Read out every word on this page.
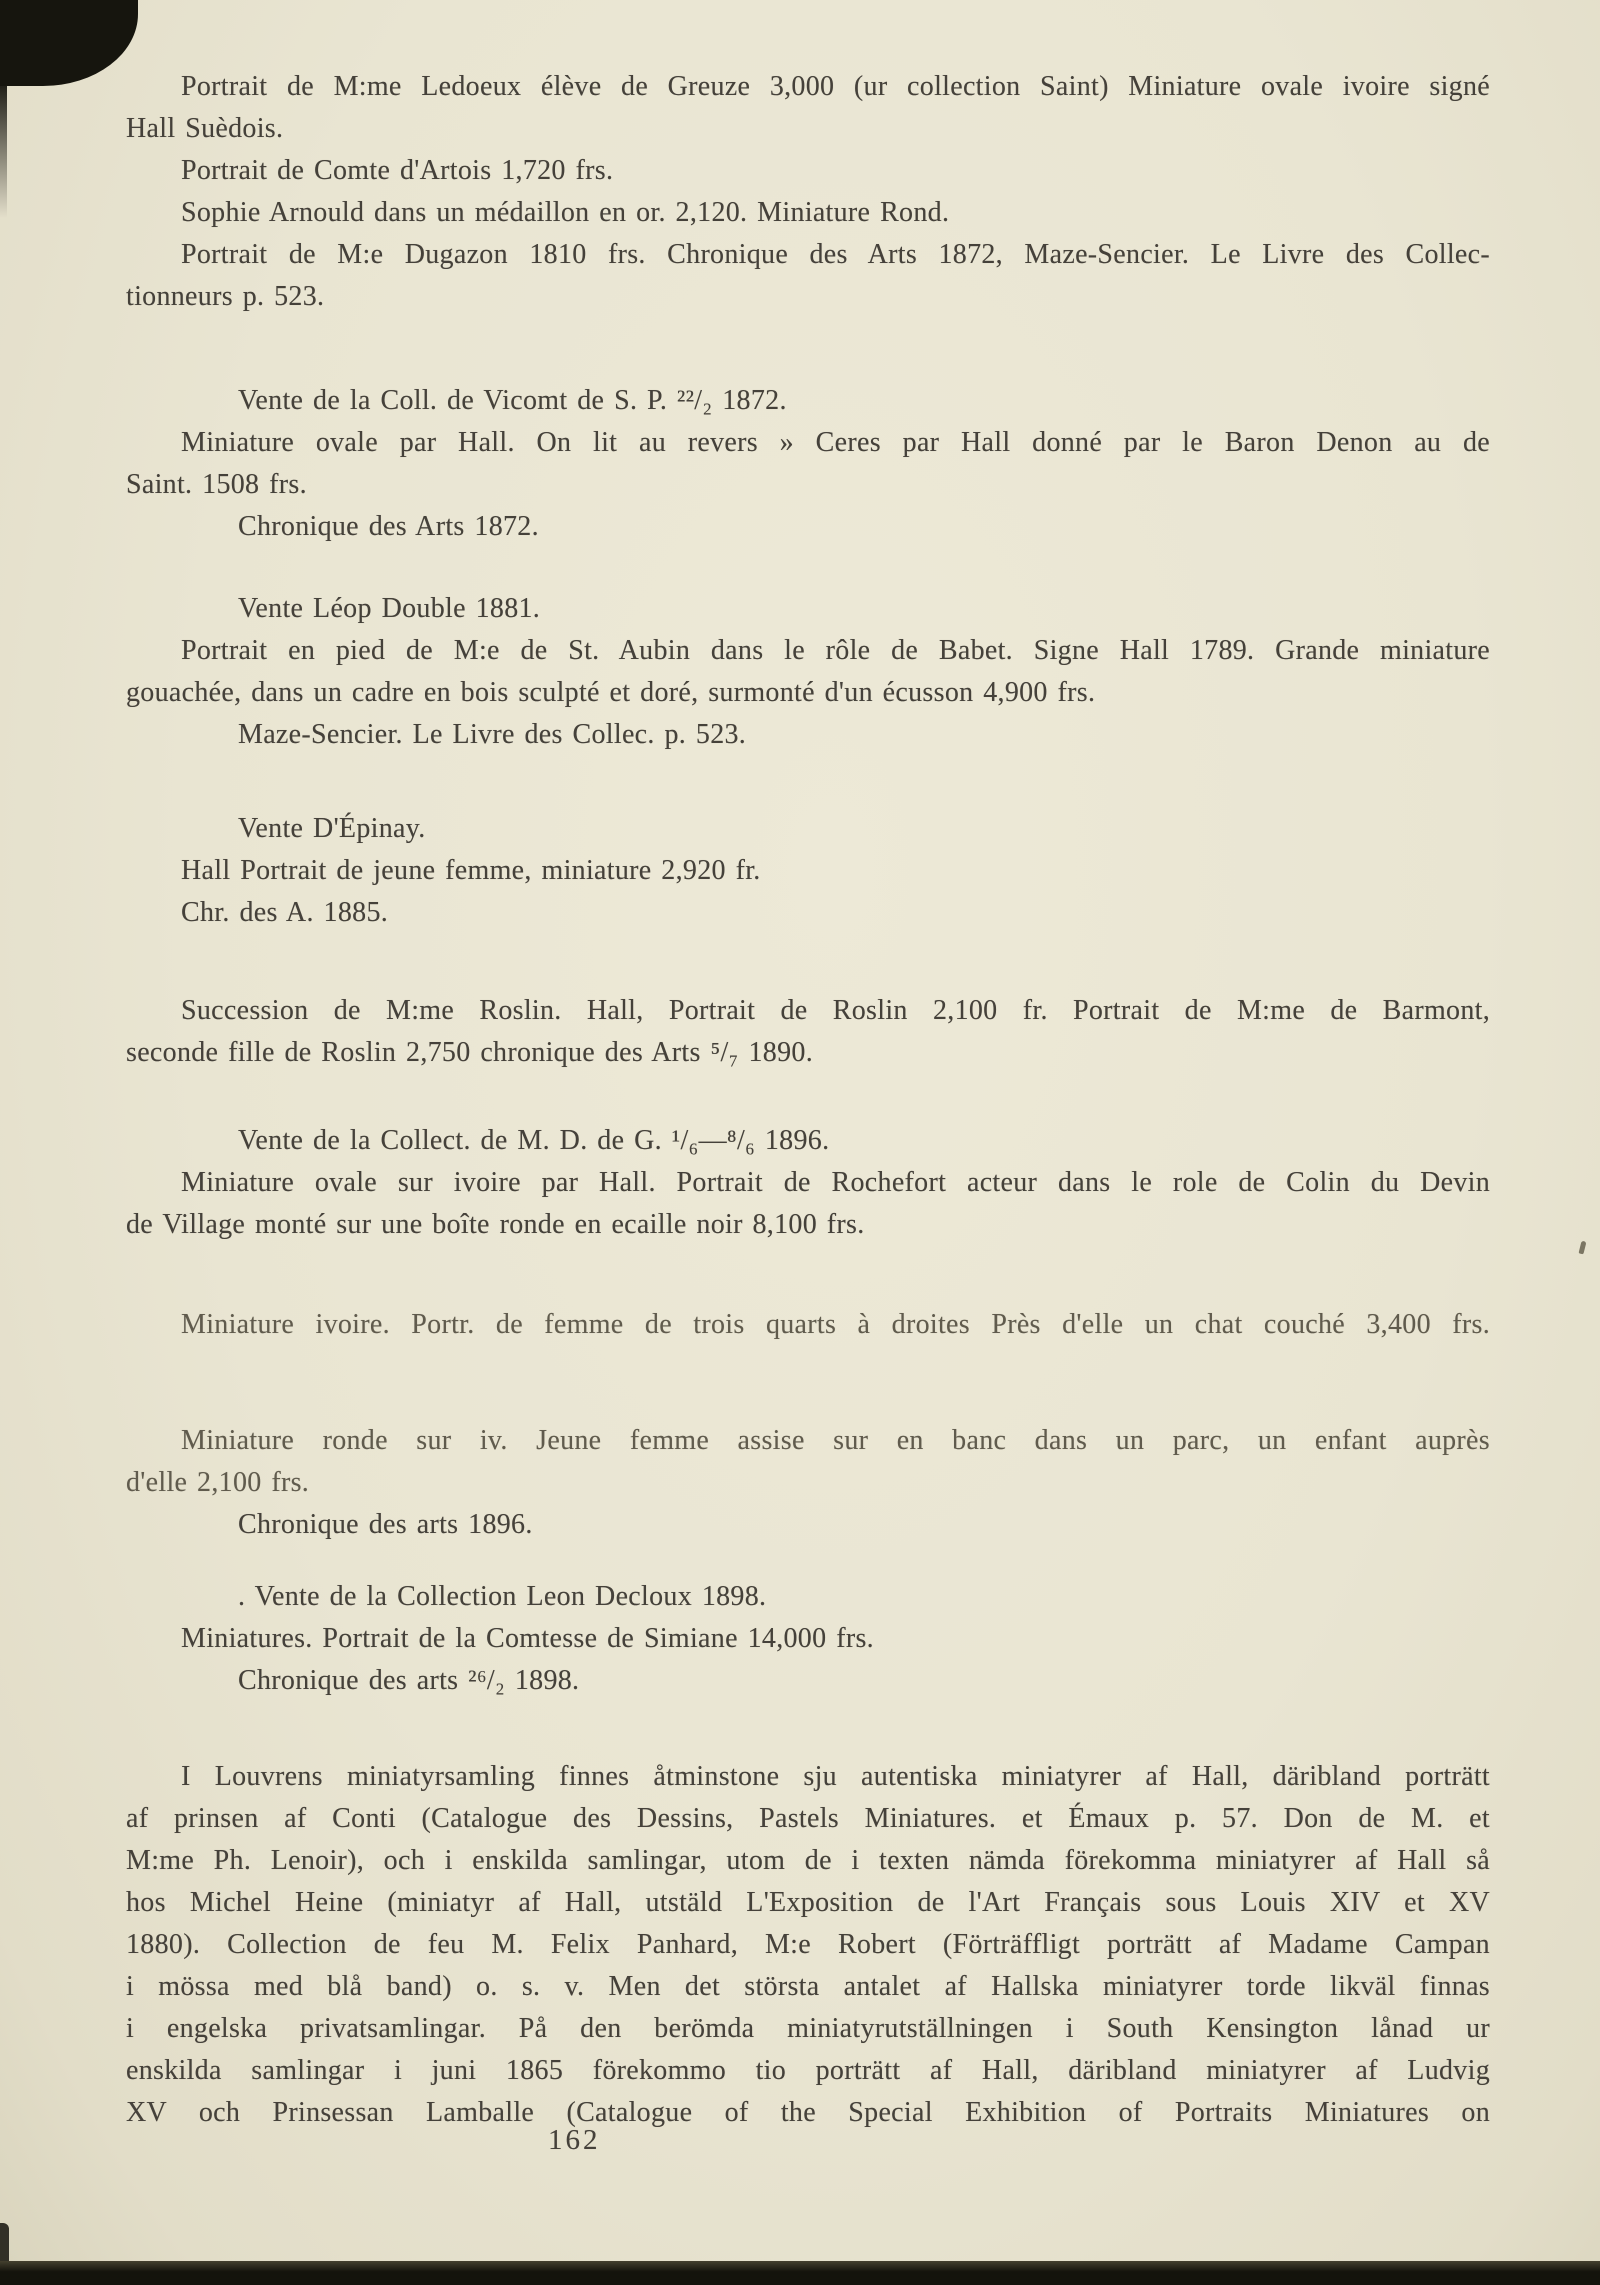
Portrait de M:me Ledoeux élève de Greuze 3,000 (ur collection Saint) Miniature ovale ivoire signé
Hall Suèdois.
Portrait de Comte d'Artois 1,720 frs.
Sophie Arnould dans un médaillon en or. 2,120. Miniature Rond.
Portrait de M:e Dugazon 1810 frs. Chronique des Arts 1872, Maze-Sencier. Le Livre des Collec-
tionneurs p. 523.
Vente de la Coll. de Vicomt de S. P. ²²/₂ 1872.
Miniature ovale par Hall. On lit au revers » Ceres par Hall donné par le Baron Denon au de
Saint. 1508 frs.
Chronique des Arts 1872.
Vente Léop Double 1881.
Portrait en pied de M:e de St. Aubin dans le rôle de Babet. Signe Hall 1789. Grande miniature
gouachée, dans un cadre en bois sculpté et doré, surmonté d'un écusson 4,900 frs.
Maze-Sencier. Le Livre des Collec. p. 523.
Vente D'Épinay.
Hall Portrait de jeune femme, miniature 2,920 fr.
Chr. des A. 1885.
Succession de M:me Roslin. Hall, Portrait de Roslin 2,100 fr. Portrait de M:me de Barmont,
seconde fille de Roslin 2,750 chronique des Arts ⁵/₇ 1890.
Vente de la Collect. de M. D. de G. ¹/₆—⁸/₆ 1896.
Miniature ovale sur ivoire par Hall. Portrait de Rochefort acteur dans le role de Colin du Devin
de Village monté sur une boîte ronde en ecaille noir 8,100 frs.
Miniature ivoire. Portr. de femme de trois quarts à droites Près d'elle un chat couché 3,400 frs.
Miniature ronde sur iv. Jeune femme assise sur en banc dans un parc, un enfant auprès
d'elle 2,100 frs.
Chronique des arts 1896.
. Vente de la Collection Leon Decloux 1898.
Miniatures. Portrait de la Comtesse de Simiane 14,000 frs.
Chronique des arts ²⁶/₂ 1898.
I Louvrens miniatyrsamling finnes åtminstone sju autentiska miniatyrer af Hall, däribland porträtt
af prinsen af Conti (Catalogue des Dessins, Pastels Miniatures. et Émaux p. 57. Don de M. et
M:me Ph. Lenoir), och i enskilda samlingar, utom de i texten nämda förekomma miniatyrer af Hall så
hos Michel Heine (miniatyr af Hall, utstäld L'Exposition de l'Art Français sous Louis XIV et XV
1880). Collection de feu M. Felix Panhard, M:e Robert (Förträffligt porträtt af Madame Campan
i mössa med blå band) o. s. v. Men det största antalet af Hallska miniatyrer torde likväl finnas
i engelska privatsamlingar. På den berömda miniatyrutställningen i South Kensington lånad ur
enskilda samlingar i juni 1865 förekommo tio porträtt af Hall, däribland miniatyrer af Ludvig
XV och Prinsessan Lamballe (Catalogue of the Special Exhibition of Portraits Miniatures on
162
